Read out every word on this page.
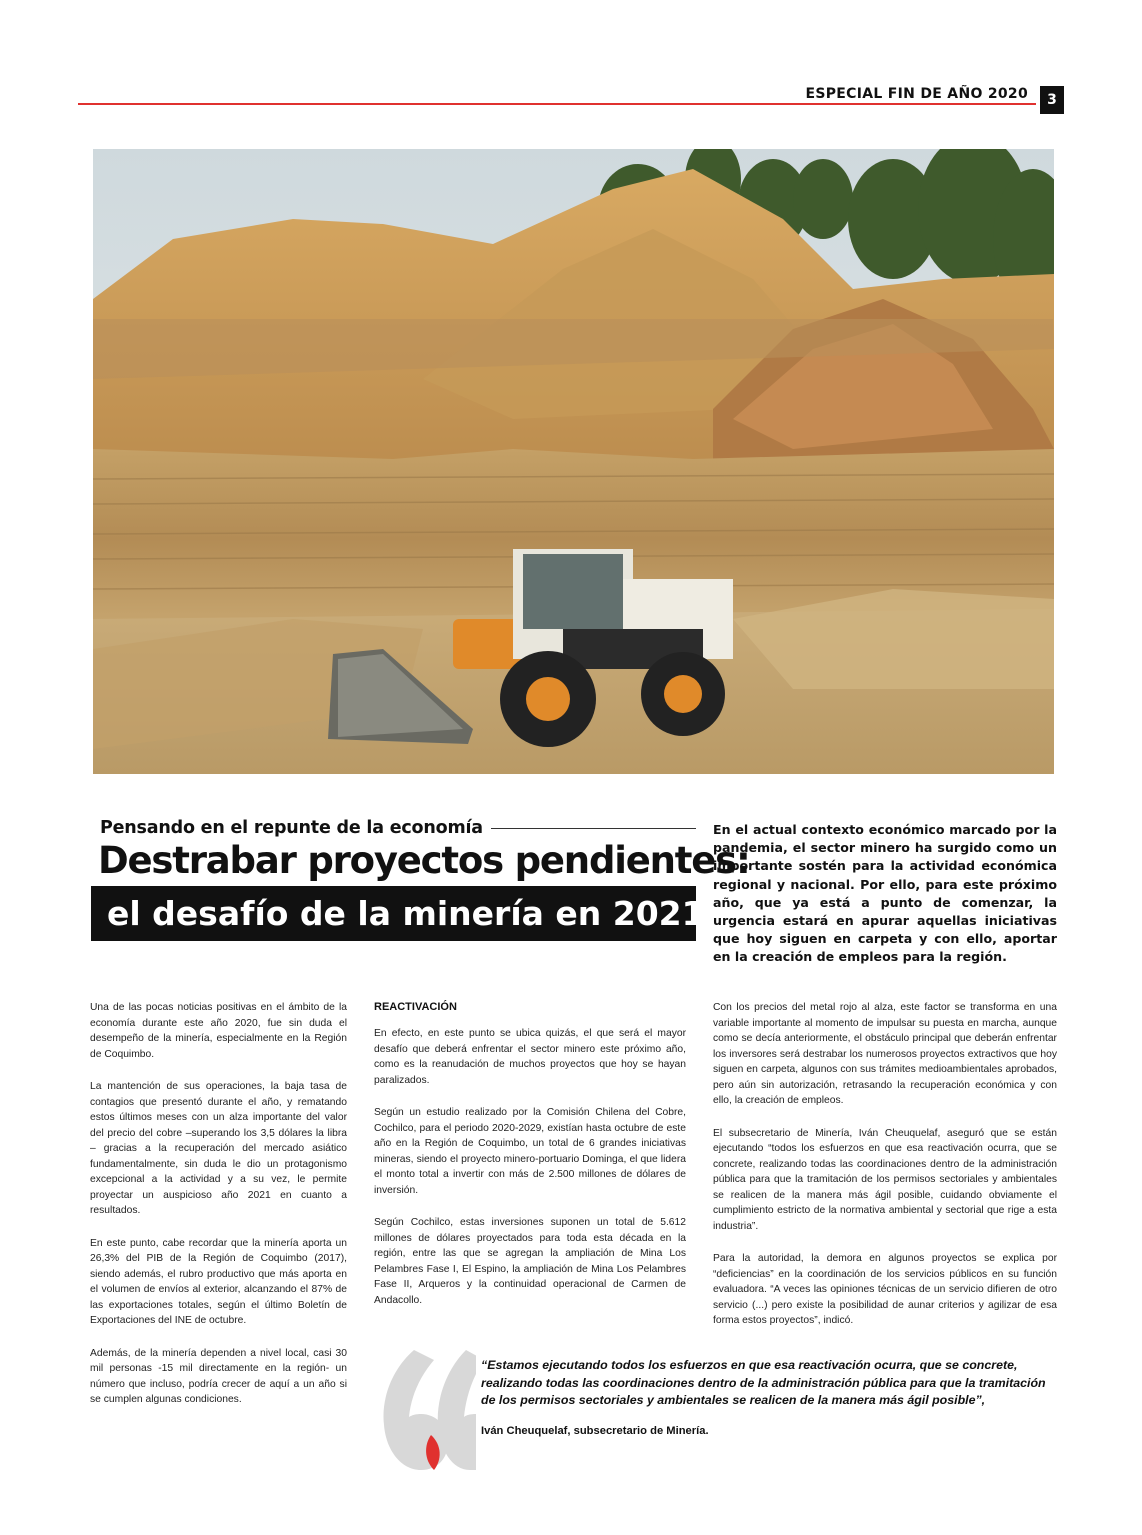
ESPECIAL FIN DE AÑO 2020	3
Pensando en el repunte de la economía
Destrabar proyectos pendientes:
el desafío de la minería en 2021
En el actual contexto económico marcado por la pandemia, el sector minero ha surgido como un importante sostén para la actividad económica regional y nacional. Por ello, para este próximo año, que ya está a punto de comenzar, la urgencia estará en apurar aquellas iniciativas que hoy siguen en carpeta y con ello, aportar en la creación de empleos para la región.

Una de las pocas noticias positivas en el ámbito de la economía durante este año 2020, fue sin duda el desempeño de la minería, especialmente en la Región de Coquimbo.

La mantención de sus operaciones, la baja tasa de contagios que presentó durante el año, y rematando estos últimos meses con un alza importante del valor del precio del cobre –superando los 3,5 dólares la libra – gracias a la recuperación del mercado asiático fundamentalmente, sin duda le dio un protagonismo excepcional a la actividad y a su vez, le permite proyectar un auspicioso año 2021 en cuanto a resultados.

En este punto, cabe recordar que la minería aporta un 26,3% del PIB de la Región de Coquimbo (2017), siendo además, el rubro productivo que más aporta en el volumen de envíos al exterior, alcanzando el 87% de las exportaciones totales, según el último Boletín de Exportaciones del INE de octubre.

Además, de la minería dependen a nivel local, casi 30 mil personas -15 mil directamente en la región- un número que incluso, podría crecer de aquí a un año si se cumplen algunas condiciones.

REACTIVACIÓN

En efecto, en este punto se ubica quizás, el que será el mayor desafío que deberá enfrentar el sector minero este próximo año, como es la reanudación de muchos proyectos que hoy se hayan paralizados.

Según un estudio realizado por la Comisión Chilena del Cobre, Cochilco, para el periodo 2020-2029, existían hasta octubre de este año en la Región de Coquimbo, un total de 6 grandes iniciativas mineras, siendo el proyecto minero-portuario Dominga, el que lidera el monto total a invertir con más de 2.500 millones de dólares de inversión.

Según Cochilco, estas inversiones suponen un total de 5.612 millones de dólares proyectados para toda esta década en la región, entre las que se agregan la ampliación de Mina Los Pelambres Fase I, El Espino, la ampliación de Mina Los Pelambres Fase II, Arqueros y la continuidad operacional de Carmen de Andacollo.

Con los precios del metal rojo al alza, este factor se transforma en una variable importante al momento de impulsar su puesta en marcha, aunque como se decía anteriormente, el obstáculo principal que deberán enfrentar los inversores será destrabar los numerosos proyectos extractivos que hoy siguen en carpeta, algunos con sus trámites medioambientales aprobados, pero aún sin autorización, retrasando la recuperación económica y con ello, la creación de empleos.

El subsecretario de Minería, Iván Cheuquelaf, aseguró que se están ejecutando “todos los esfuerzos en que esa reactivación ocurra, que se concrete, realizando todas las coordinaciones dentro de la administración pública para que la tramitación de los permisos sectoriales y ambientales se realicen de la manera más ágil posible, cuidando obviamente el cumplimiento estricto de la normativa ambiental y sectorial que rige a esta industria”.

Para la autoridad, la demora en algunos proyectos se explica por “deficiencias” en la coordinación de los servicios públicos en su función evaluadora. “A veces las opiniones técnicas de un servicio difieren de otro servicio (...) pero existe la posibilidad de aunar criterios y agilizar de esa forma estos proyectos”, indicó.

“Estamos ejecutando todos los esfuerzos en que esa reactivación ocurra, que se concrete, realizando todas las coordinaciones dentro de la administración pública para que la tramitación de los permisos sectoriales y ambientales se realicen de la manera más ágil posible”,
Iván Cheuquelaf, subsecretario de Minería.
